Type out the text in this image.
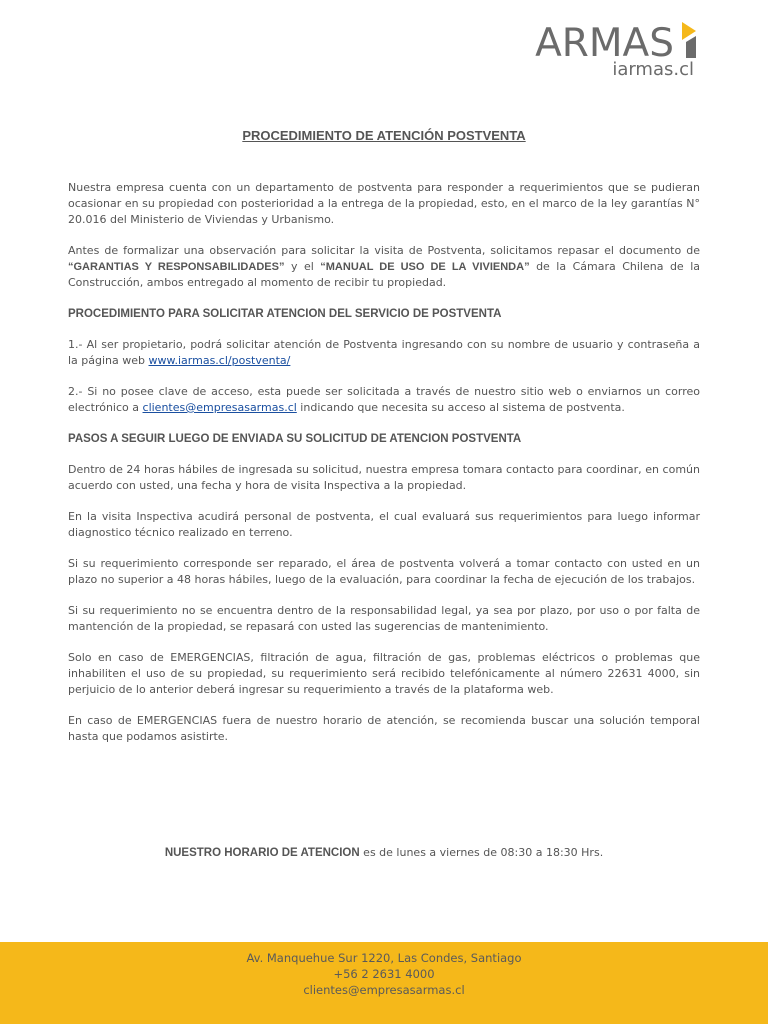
ARMAS
iarmas.cl
PROCEDIMIENTO DE ATENCIÓN POSTVENTA

Nuestra empresa cuenta con un departamento de postventa para responder a requerimientos que se pudieran ocasionar en su propiedad con posterioridad a la entrega de la propiedad, esto, en el marco de la ley garantías N° 20.016 del Ministerio de Viviendas y Urbanismo.

Antes de formalizar una observación para solicitar la visita de Postventa, solicitamos repasar el documento de “GARANTIAS Y RESPONSABILIDADES” y el “MANUAL DE USO DE LA VIVIENDA” de la Cámara Chilena de la Construcción, ambos entregado al momento de recibir tu propiedad.

PROCEDIMIENTO PARA SOLICITAR ATENCION DEL SERVICIO DE POSTVENTA

1.- Al ser propietario, podrá solicitar atención de Postventa ingresando con su nombre de usuario y contraseña a la página web www.iarmas.cl/postventa/

2.- Si no posee clave de acceso, esta puede ser solicitada a través de nuestro sitio web o enviarnos un correo electrónico a clientes@empresasarmas.cl indicando que necesita su acceso al sistema de postventa.

PASOS A SEGUIR LUEGO DE ENVIADA SU SOLICITUD DE ATENCION POSTVENTA

Dentro de 24 horas hábiles de ingresada su solicitud, nuestra empresa tomara contacto para coordinar, en común acuerdo con usted, una fecha y hora de visita Inspectiva a la propiedad.

En la visita Inspectiva acudirá personal de postventa, el cual evaluará sus requerimientos para luego informar diagnostico técnico realizado en terreno.

Si su requerimiento corresponde ser reparado, el área de postventa volverá a tomar contacto con usted en un plazo no superior a 48 horas hábiles, luego de la evaluación, para coordinar la fecha de ejecución de los trabajos.

Si su requerimiento no se encuentra dentro de la responsabilidad legal, ya sea por plazo, por uso o por falta de mantención de la propiedad, se repasará con usted las sugerencias de mantenimiento.

Solo en caso de EMERGENCIAS, filtración de agua, filtración de gas, problemas eléctricos o problemas que inhabiliten el uso de su propiedad, su requerimiento será recibido telefónicamente al número 22631 4000, sin perjuicio de lo anterior deberá ingresar su requerimiento a través de la plataforma web.

En caso de EMERGENCIAS fuera de nuestro horario de atención, se recomienda buscar una solución temporal hasta que podamos asistirte.

NUESTRO HORARIO DE ATENCION es de lunes a viernes de 08:30 a 18:30 Hrs.
Av. Manquehue Sur 1220, Las Condes, Santiago
+56 2 2631 4000
clientes@empresasarmas.cl
